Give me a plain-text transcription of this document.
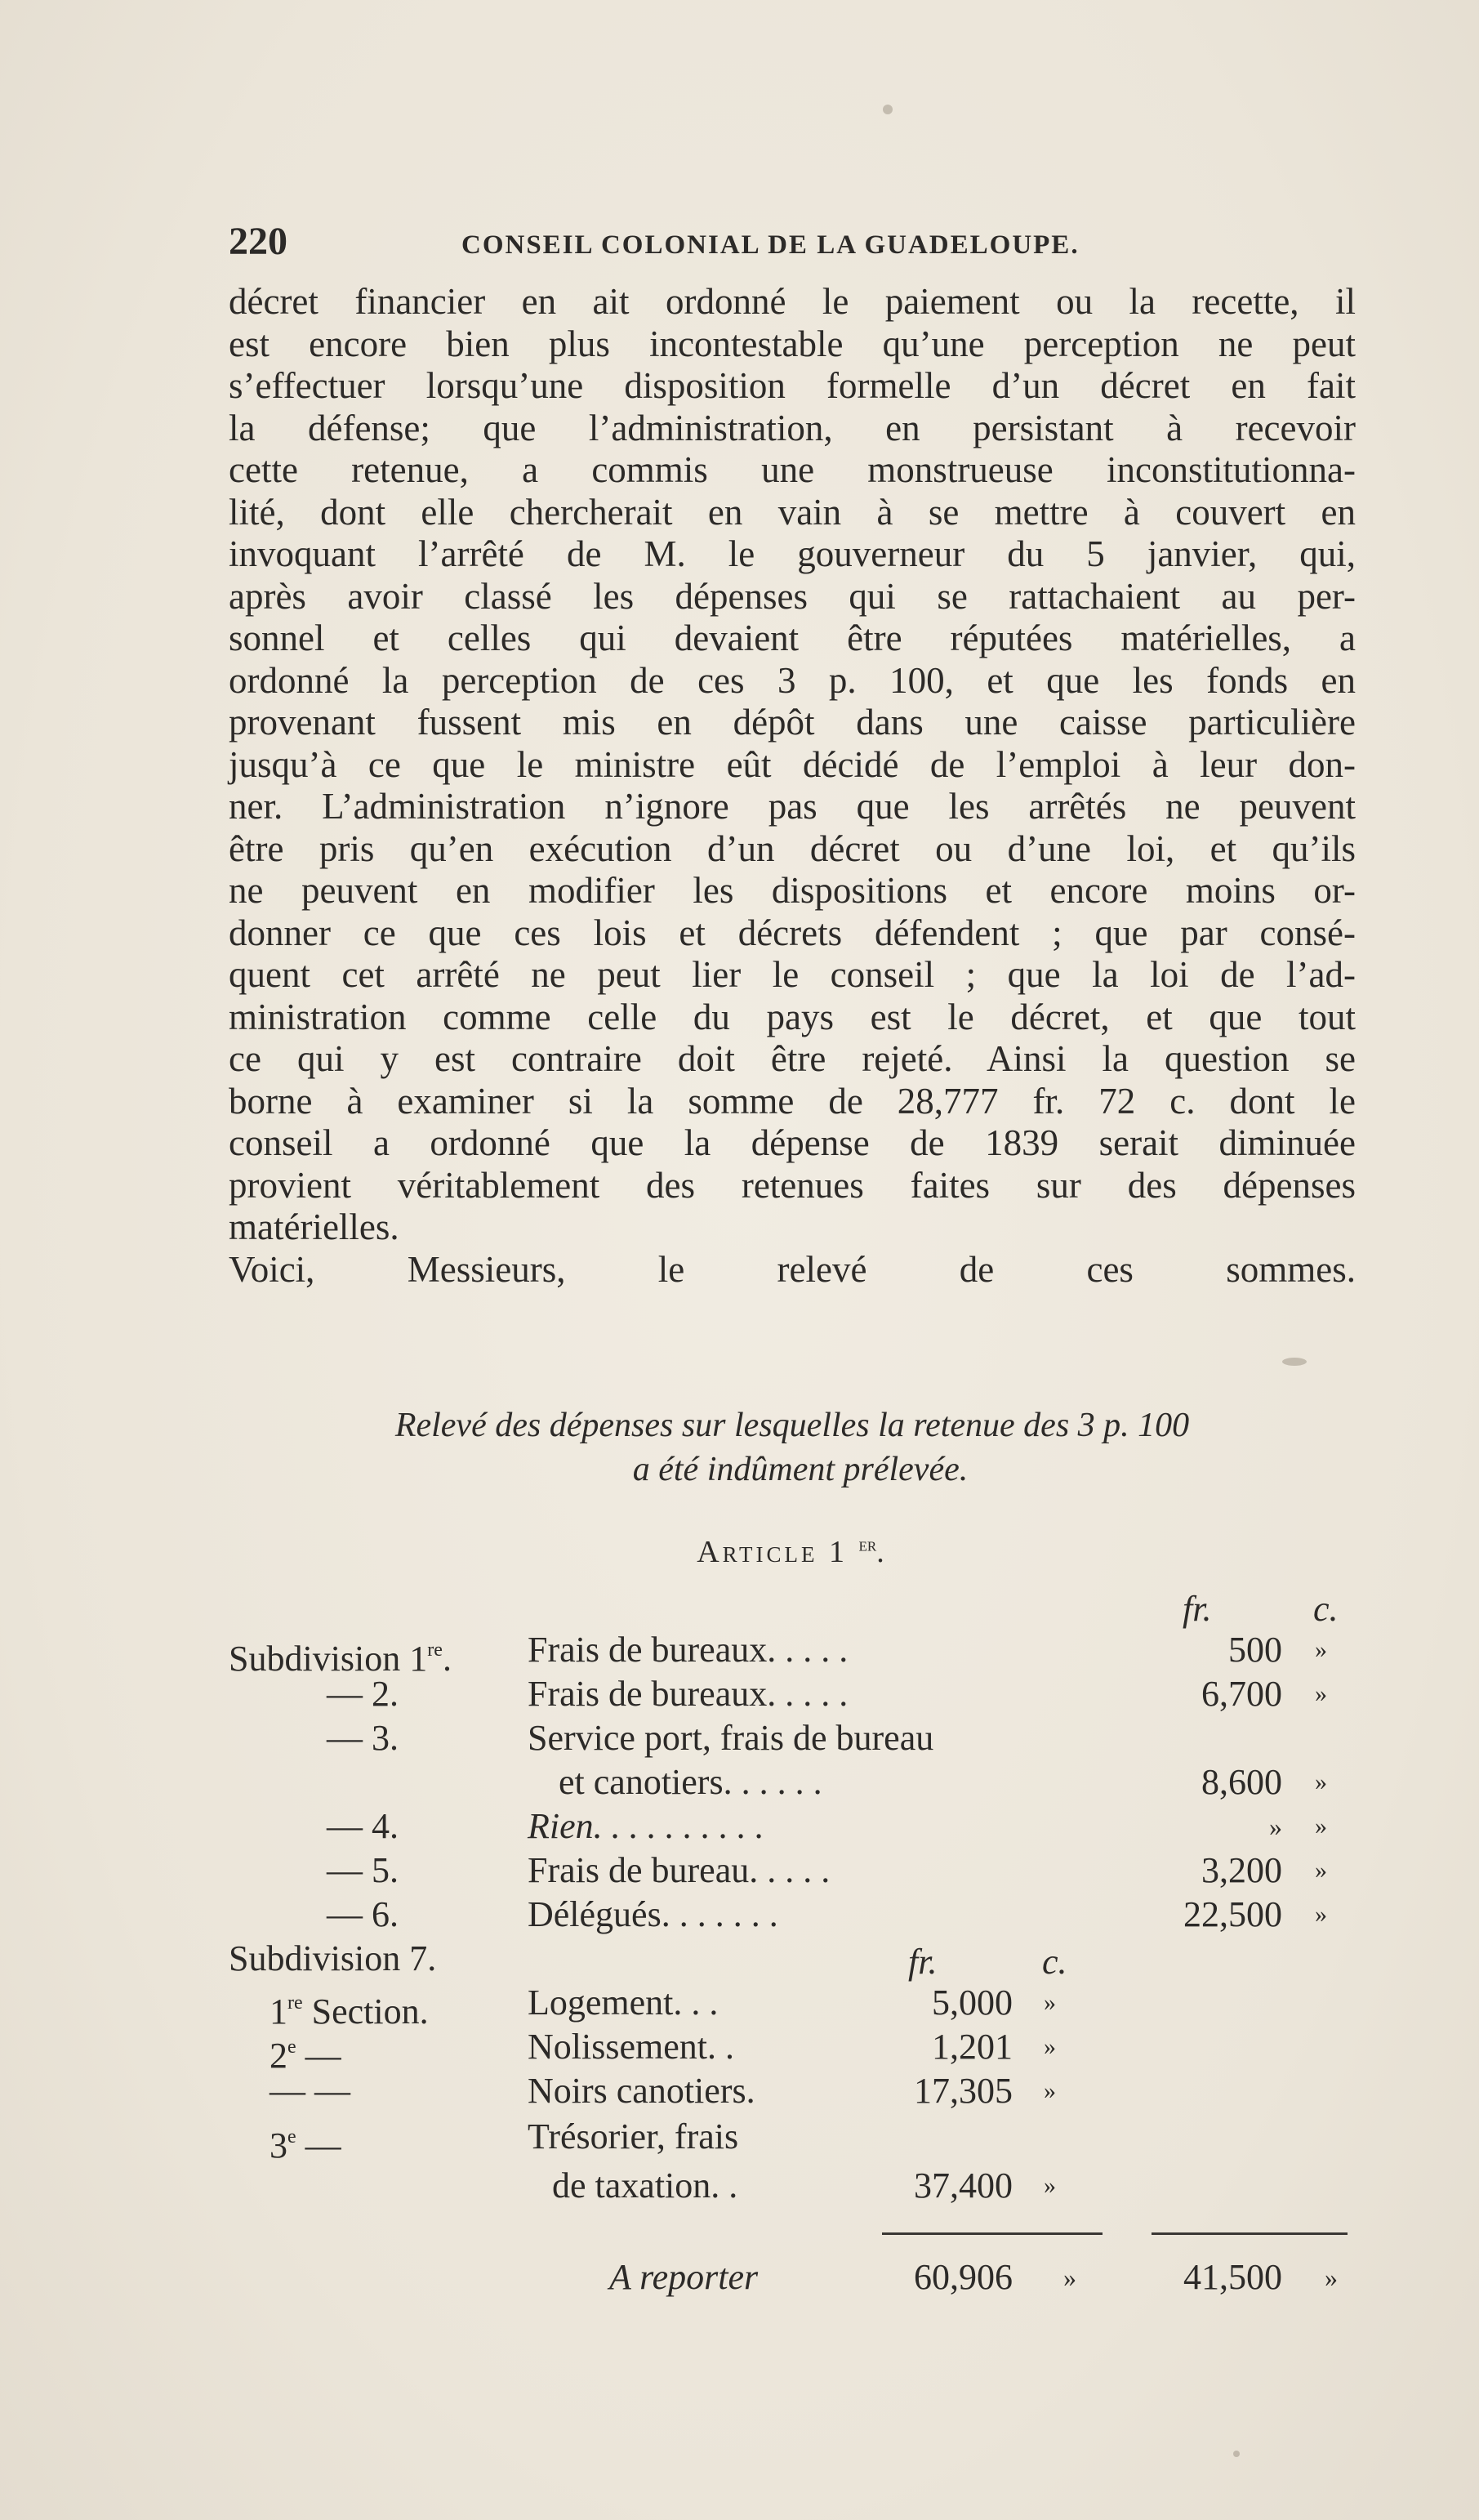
220	CONSEIL COLONIAL DE LA GUADELOUPE.
décret financier en ait ordonné le paiement ou la recette, il
est encore bien plus incontestable qu’une perception ne peut
s’effectuer lorsqu’une disposition formelle d’un décret en fait
la défense; que l’administration, en persistant à recevoir
cette retenue, a commis une monstrueuse inconstitutionna-
lité, dont elle chercherait en vain à se mettre à couvert en
invoquant l’arrêté de M. le gouverneur du 5 janvier, qui,
après avoir classé les dépenses qui se rattachaient au per-
sonnel et celles qui devaient être réputées matérielles, a
ordonné la perception de ces 3 p. 100, et que les fonds en
provenant fussent mis en dépôt dans une caisse particulière
jusqu’à ce que le ministre eût décidé de l’emploi à leur don-
ner. L’administration n’ignore pas que les arrêtés ne peuvent
être pris qu’en exécution d’un décret ou d’une loi, et qu’ils
ne peuvent en modifier les dispositions et encore moins or-
donner ce que ces lois et décrets défendent ; que par consé-
quent cet arrêté ne peut lier le conseil ; que la loi de l’ad-
ministration comme celle du pays est le décret, et que tout
ce qui y est contraire doit être rejeté. Ainsi la question se
borne à examiner si la somme de 28,777 fr. 72 c. dont le
conseil a ordonné que la dépense de 1839 serait diminuée
provient véritablement des retenues faites sur des dépenses
matérielles.
Voici, Messieurs, le relevé de ces sommes.
Relevé des dépenses sur lesquelles la retenue des 3 p. 100
a été indûment prélevée.
Article 1 $^{er}$.
fr.	c.
Subdivision 1re. Frais de bureaux. . . . .	500 »
— 2.	Frais de bureaux. . . . .	6,700 »
— 3.	Service port, frais de bureau
et canotiers. . . . . .	8,600 »
— 4.	Rien. . . . . . . . . .	» »
— 5.	Frais de bureau. . . . .	3,200 »
— 6.	Délégués. . . . . . .	22,500 »
Subdivision 7.	fr.	c.
1re Section.	Logement. . .	5,000 »
2e —	Nolissement. .	1,201 »
— —	Noirs canotiers.	17,305 »
3e —	Trésorier, frais
de taxation. .	37,400 »
A reporter	60,906 »	41,500 »
